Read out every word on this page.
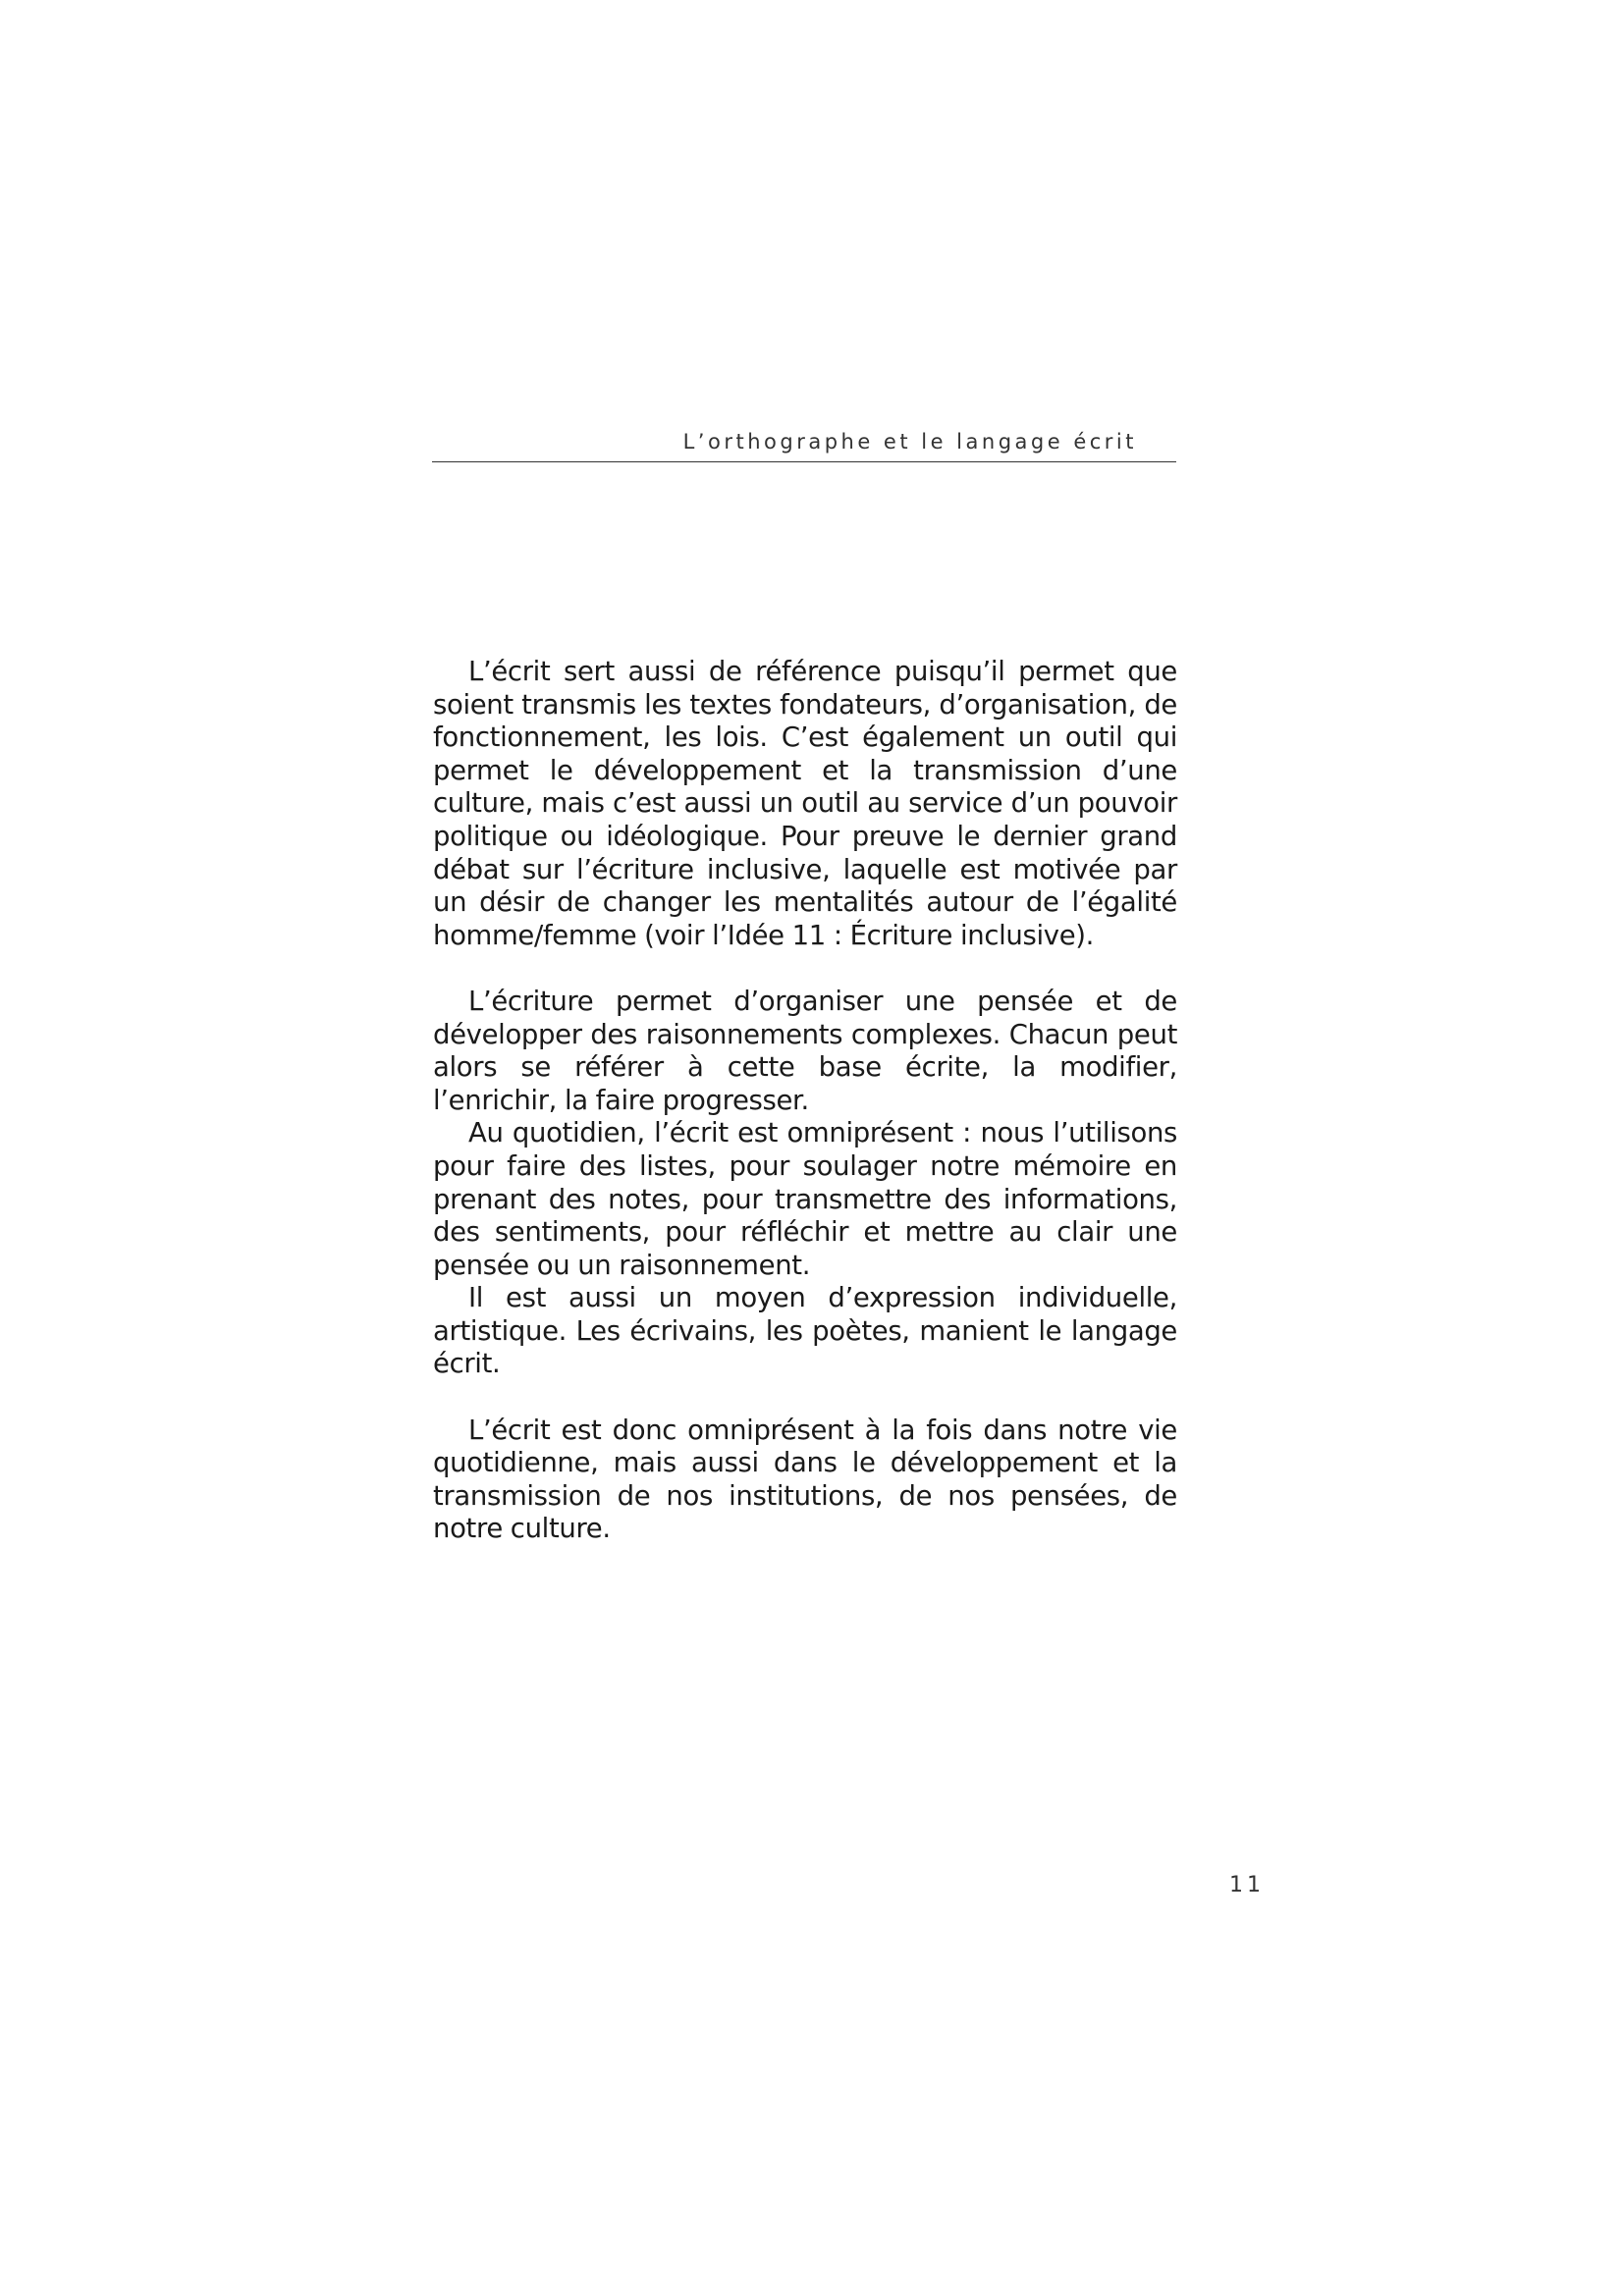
L’orthographe et le langage écrit

L’écrit sert aussi de référence puisqu’il permet que soient transmis les textes fondateurs, d’organisation, de fonctionnement, les lois. C’est également un outil qui permet le développement et la transmission d’une culture, mais c’est aussi un outil au service d’un pouvoir politique ou idéologique. Pour preuve le dernier grand débat sur l’écriture inclusive, laquelle est motivée par un désir de changer les mentalités autour de l’égalité homme/femme (voir l’Idée 11 : Écriture inclusive).

L’écriture permet d’organiser une pensée et de développer des raisonnements complexes. Chacun peut alors se référer à cette base écrite, la modifier, l’enrichir, la faire progresser.

Au quotidien, l’écrit est omniprésent : nous l’utilisons pour faire des listes, pour soulager notre mémoire en prenant des notes, pour transmettre des informations, des sentiments, pour réfléchir et mettre au clair une pensée ou un raisonnement.

Il est aussi un moyen d’expression individuelle, artistique. Les écrivains, les poètes, manient le langage écrit.

L’écrit est donc omniprésent à la fois dans notre vie quotidienne, mais aussi dans le développement et la transmission de nos institutions, de nos pensées, de notre culture.

11
